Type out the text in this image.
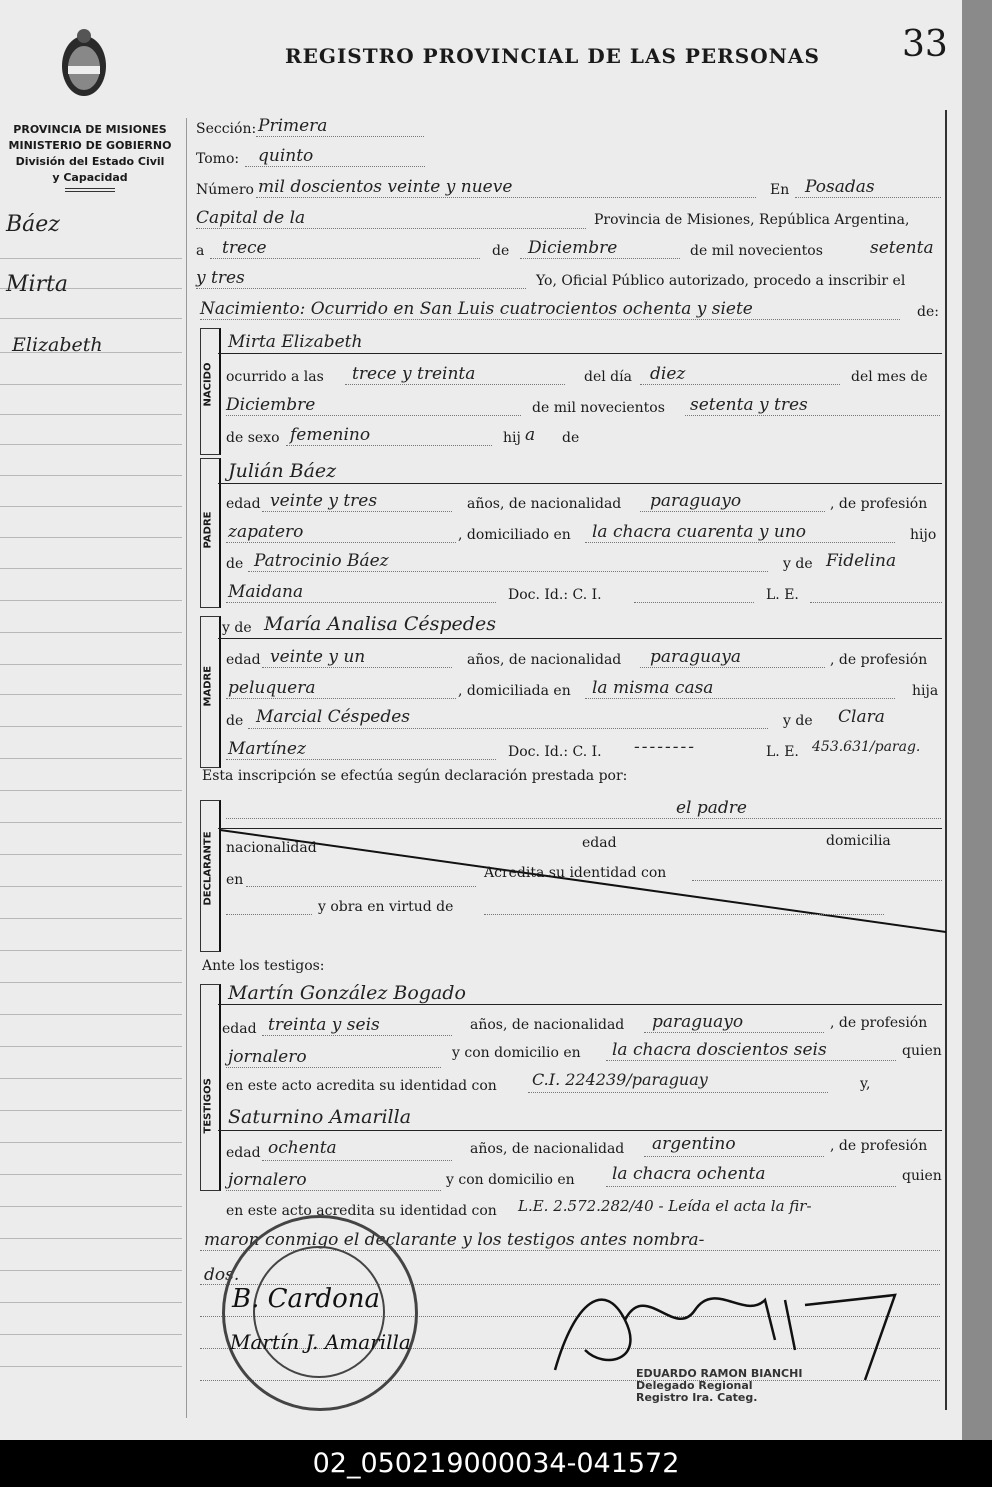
REGISTRO PROVINCIAL DE LAS PERSONAS 33
PROVINCIA DE MISIONES
MINISTERIO DE GOBIERNO
División del Estado Civil
y Capacidad
Báez
Mirta
Elizabeth
Sección: Primera
Tomo: quinto
Número mil doscientos veinte y nueve	En Posadas
Capital de la	Provincia de Misiones, República Argentina,
a trece	de Diciembre	de mil novecientos	setenta
y tres	Yo, Oficial Público autorizado, procedo a inscribir el
Nacimiento: Ocurrido en San Luis cuatrocientos ochenta y siete	de:
NACIDO
Mirta Elizabeth
ocurrido a las trece y treinta	del día diez	del mes de
Diciembre	de mil novecientos setenta y tres
de sexo femenino	hij a de
PADRE
Julián Báez
edad veinte y tres	años, de nacionalidad paraguayo	, de profesión
zapatero	, domiciliado en la chacra cuarenta y uno	hijo
de Patrocinio Báez	y de Fidelina
Maidana	Doc. Id.: C. I.	L. E.
MADRE
y de María Analisa Céspedes
edad veinte y un	años, de nacionalidad paraguaya	, de profesión
peluquera	, domiciliada en la misma casa	hija
de Marcial Céspedes	y de Clara
Martínez	Doc. Id.: C. I. --------	L. E. 453.631/parag.
Esta inscripción se efectúa según declaración prestada por:
DECLARANTE
el padre
nacionalidad	edad	domicilia
en	Acredita su identidad con
y obra en virtud de
Ante los testigos:
TESTIGOS
Martín González Bogado
edad treinta y seis	años, de nacionalidad paraguayo	, de profesión
jornalero	y con domicilio en la chacra doscientos seis	quien
en este acto acredita su identidad con C.I. 224239/paraguay	y,
Saturnino Amarilla
edad ochenta	años, de nacionalidad argentino	, de profesión
jornalero	y con domicilio en la chacra ochenta	quien
en este acto acredita su identidad con L.E. 2.572.282/40 - Leída el acta la fir-
maron conmigo el declarante y los testigos antes nombra-
dos.
B. Cardona
Martín J. Amarilla
EDUARDO RAMON BIANCHI
Delegado Regional
Registro Ira. Categ.
02_050219000034-041572
